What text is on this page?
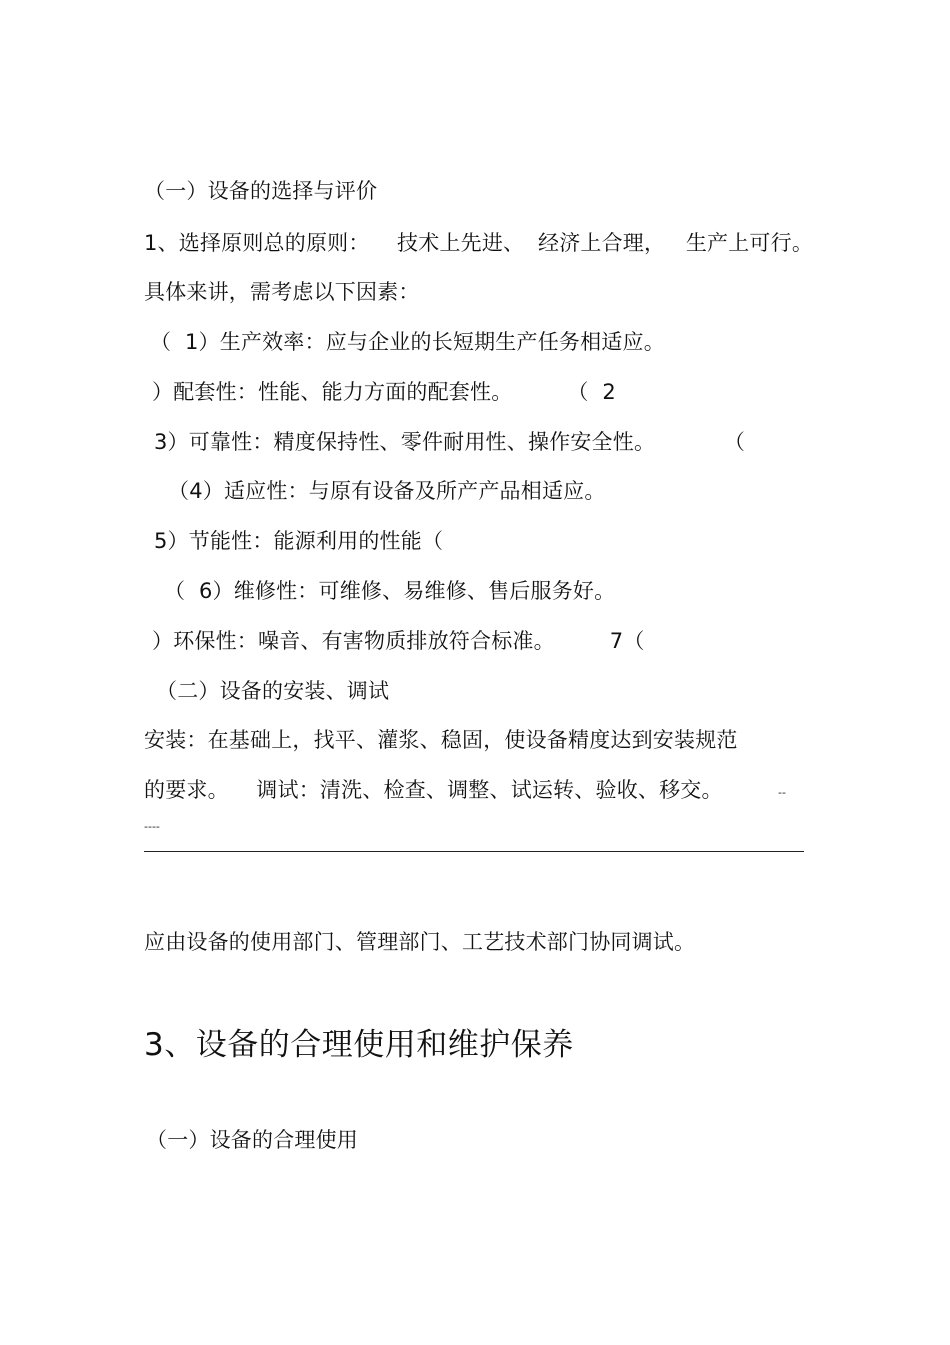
（一）设备的选择与评价
1、选择原则总的原则：    技术上先进、  经济上合理，   生产上可行。
具体来讲，需考虑以下因素：
（  1）生产效率：应与企业的长短期生产任务相适应。
）配套性：性能、能力方面的配套性。        （  2
3）可靠性：精度保持性、零件耐用性、操作安全性。          （
（4）适应性：与原有设备及所产产品相适应。
5）节能性：能源利用的性能（
（  6）维修性：可维修、易维修、售后服务好。
）环保性：噪音、有害物质排放符合标准。        7（
（二）设备的安装、调试
安装：在基础上，找平、灌浆、稳固，使设备精度达到安装规范
的要求。    调试：清洗、检查、调整、试运转、验收、移交。	--
----
应由设备的使用部门、管理部门、工艺技术部门协同调试。
3、设备的合理使用和维护保养
（一）设备的合理使用
